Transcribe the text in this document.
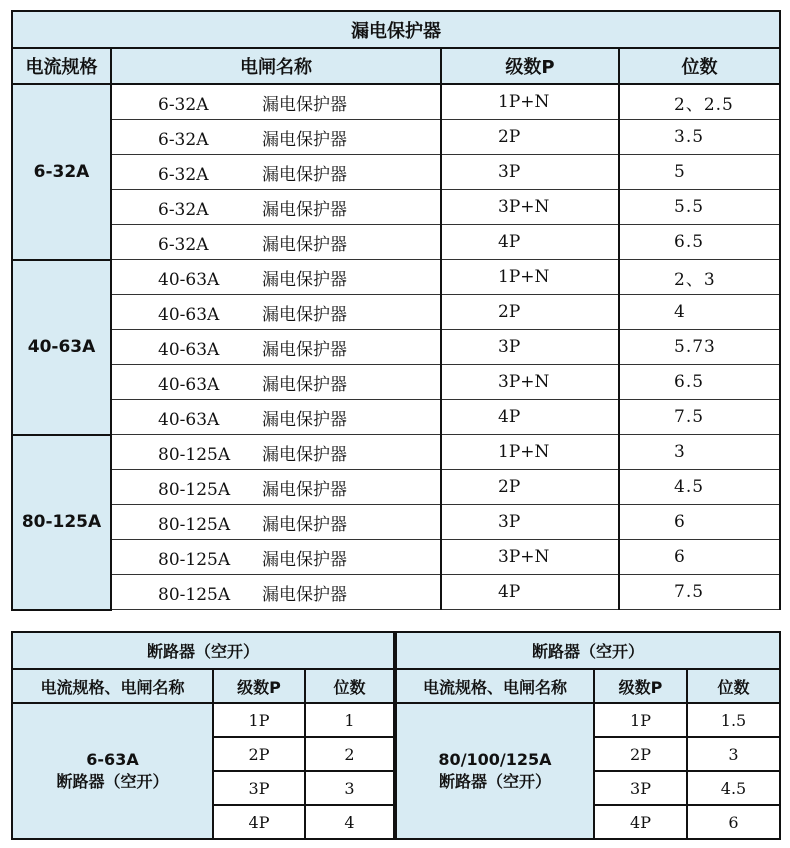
漏电保护器			
电流规格	电闸名称	级数P	位数
6-32A	6-32A 漏电保护器	1P+N	2、2.5
	6-32A 漏电保护器	2P	3.5
	6-32A 漏电保护器	3P	5
	6-32A 漏电保护器	3P+N	5.5
	6-32A 漏电保护器	4P	6.5
40-63A	40-63A 漏电保护器	1P+N	2、3
	40-63A 漏电保护器	2P	4
	40-63A 漏电保护器	3P	5.73
	40-63A 漏电保护器	3P+N	6.5
	40-63A 漏电保护器	4P	7.5
80-125A	80-125A 漏电保护器	1P+N	3
	80-125A 漏电保护器	2P	4.5
	80-125A 漏电保护器	3P	6
	80-125A 漏电保护器	3P+N	6
	80-125A 漏电保护器	4P	7.5
断路器（空开）		
电流规格、电闸名称	级数P	位数

6-63A
断路器（空开）	1P	1
	2P	2
	3P	3
	4P	4
断路器（空开）		
电流规格、电闸名称	级数P	位数

80/100/125A
断路器（空开）	1P	1.5
	2P	3
	3P	4.5
	4P	6
